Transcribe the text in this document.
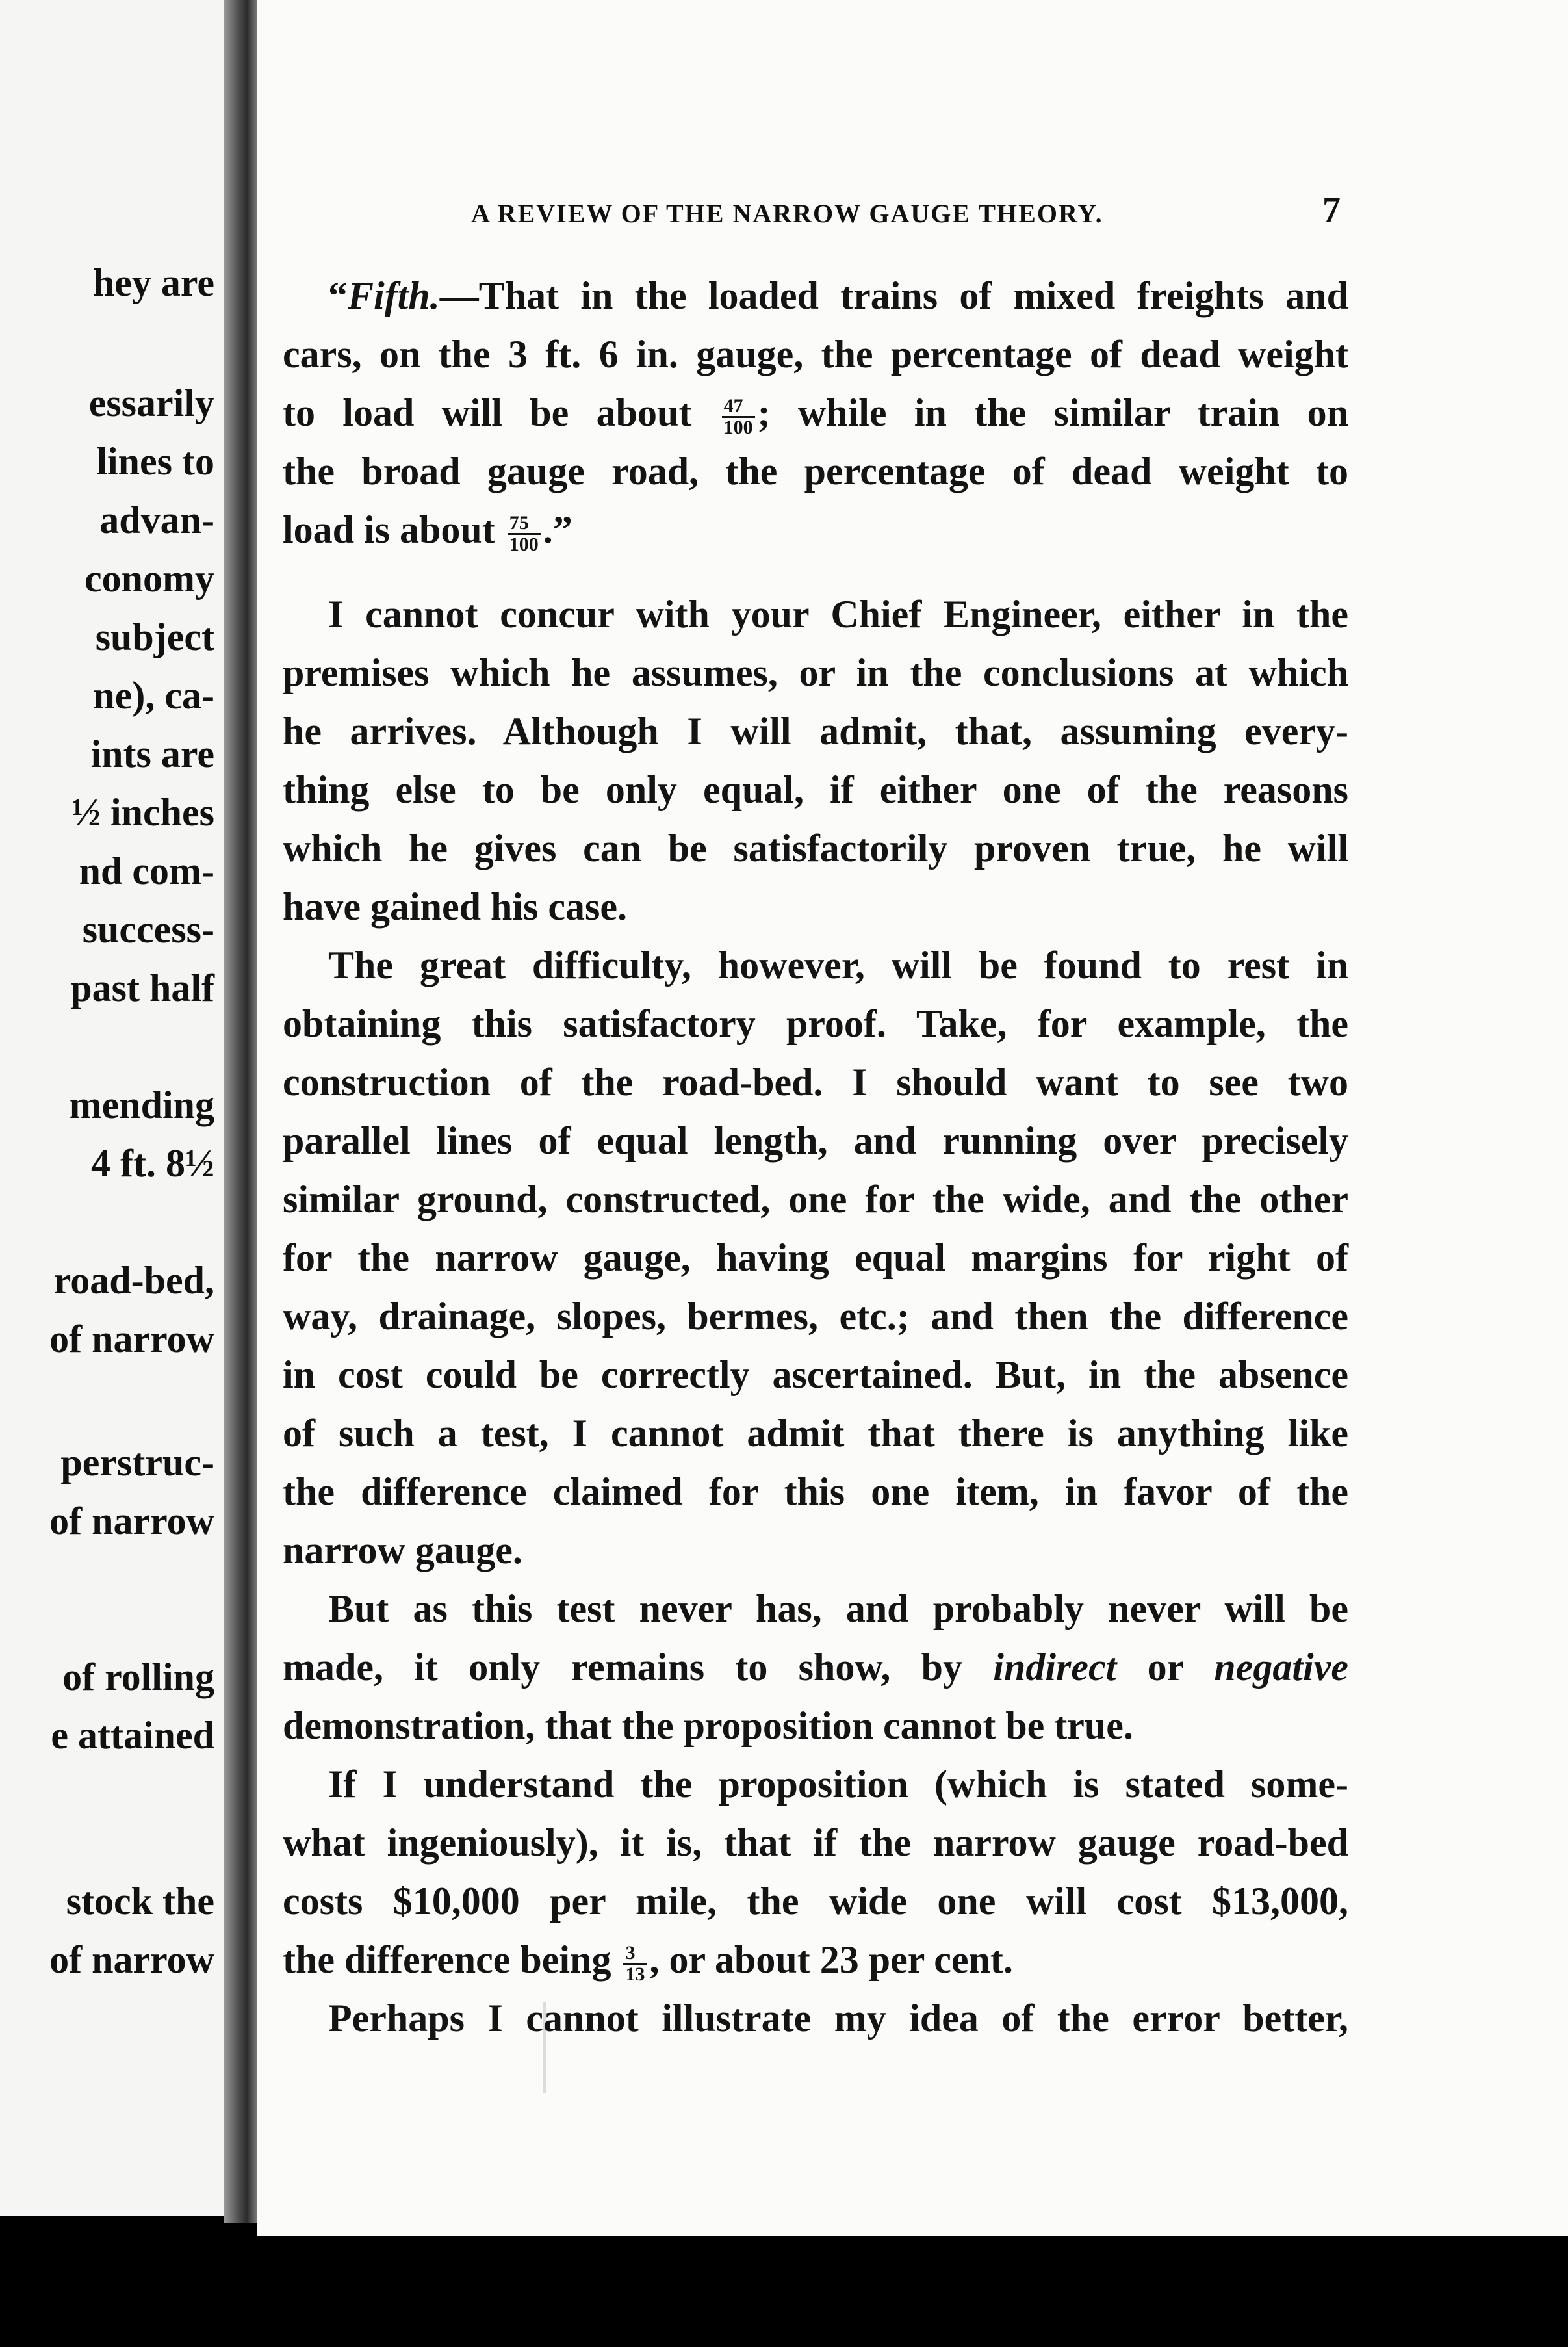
hey are
essarily
lines to
advan-
conomy
subject
ne), ca-
ints are
½ inches
nd com-
success-
past half
mending
4 ft. 8½
road-bed,
of narrow
perstruc-
of narrow
of rolling
e attained
stock the
of narrow
A REVIEW OF THE NARROW GAUGE THEORY.	7
“Fifth.—That in the loaded trains of mixed freights and
cars, on the 3 ft. 6 in. gauge, the percentage of dead weight
to load will be about $\frac{47}{100}$ ; while in the similar train on
the broad gauge road, the percentage of dead weight to
load is about $\frac{75}{100}$ .”
I cannot concur with your Chief Engineer, either in the
premises which he assumes, or in the conclusions at which
he arrives. Although I will admit, that, assuming every-
thing else to be only equal, if either one of the reasons
which he gives can be satisfactorily proven true, he will
have gained his case.
The great difficulty, however, will be found to rest in
obtaining this satisfactory proof. Take, for example, the
construction of the road-bed. I should want to see two
parallel lines of equal length, and running over precisely
similar ground, constructed, one for the wide, and the other
for the narrow gauge, having equal margins for right of
way, drainage, slopes, bermes, etc.; and then the difference
in cost could be correctly ascertained. But, in the absence
of such a test, I cannot admit that there is anything like
the difference claimed for this one item, in favor of the
narrow gauge.
But as this test never has, and probably never will be
made, it only remains to show, by indirect or negative
demonstration, that the proposition cannot be true.
If I understand the proposition (which is stated some-
what ingeniously), it is, that if the narrow gauge road-bed
costs $10,000 per mile, the wide one will cost $13,000,
the difference being $\frac{3}{13}$ , or about 23 per cent.
Perhaps I cannot illustrate my idea of the error better,
